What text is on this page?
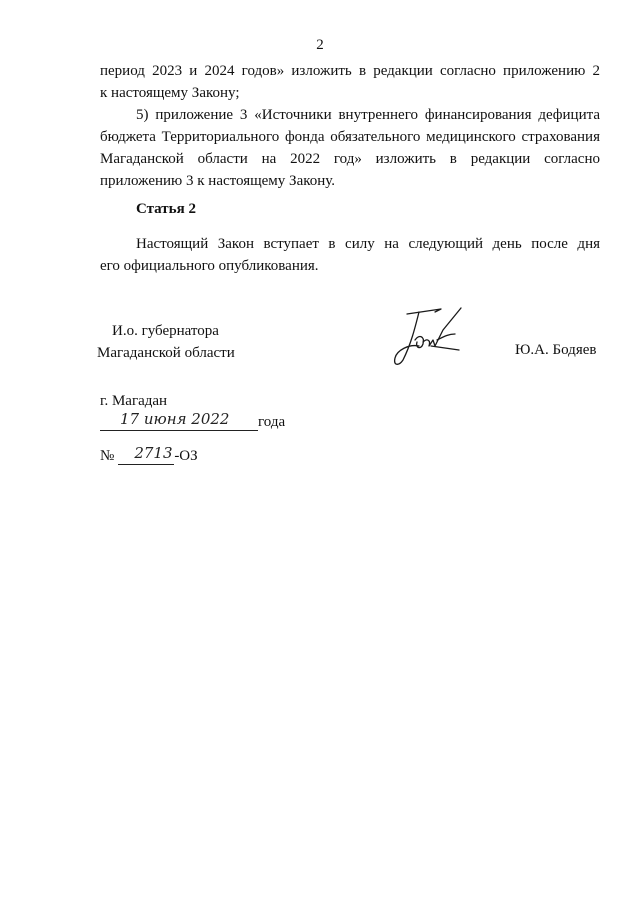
2
период 2023 и 2024 годов» изложить в редакции согласно приложению 2
к настоящему Закону;
5) приложение 3 «Источники внутреннего финансирования дефицита
бюджета Территориального фонда обязательного медицинского страхования
Магаданской области на 2022 год» изложить в редакции согласно
приложению 3 к настоящему Закону.
Статья 2
Настоящий Закон вступает в силу на следующий день после дня
его официального опубликования.
И.о. губернатора
Магаданской области	Ю.А. Бодяев
г. Магадан
17 июня 2022 года
№ 2713 -ОЗ
